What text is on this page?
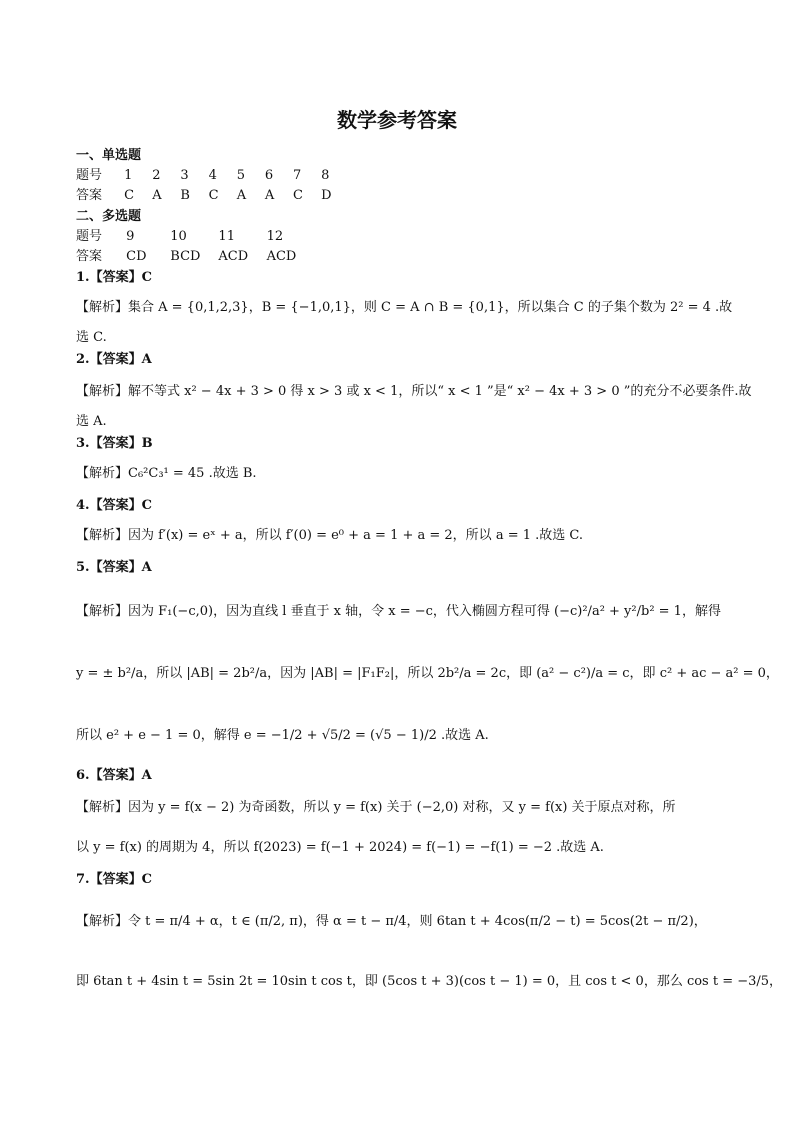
数学参考答案
一、单选题
题号 1 2 3 4 5 6 7 8
答案 C A B C A A C D
二、多选题
题号 9	10 11 12
答案 CD BCD ACD ACD
1.【答案】C
【解析】集合 A = {0,1,2,3}，B = {−1,0,1}，则 C = A ∩ B = {0,1}，所以集合 C 的子集个数为 2² = 4 .故
选 C.
2.【答案】A
【解析】解不等式 x² − 4x + 3 > 0 得 x > 3 或 x < 1，所以“ x < 1 ”是“ x² − 4x + 3 > 0 ”的充分不必要条件.故
选 A.
3.【答案】B
【解析】C₆²C₃¹ = 45 .故选 B.
4.【答案】C
【解析】因为 f′(x) = eˣ + a，所以 f′(0) = e⁰ + a = 1 + a = 2，所以 a = 1 .故选 C.
5.【答案】A
【解析】因为 F₁(−c,0)，因为直线 l 垂直于 x 轴，令 x = −c，代入椭圆方程可得 (−c)²/a² + y²/b² = 1，解得
y = ± b²/a，所以 |AB| = 2b²/a，因为 |AB| = |F₁F₂|，所以 2b²/a = 2c，即 (a² − c²)/a = c，即 c² + ac − a² = 0，
所以 e² + e − 1 = 0，解得 e = −1/2 + √5/2 = (√5 − 1)/2 .故选 A.
6.【答案】A
【解析】因为 y = f(x − 2) 为奇函数，所以 y = f(x) 关于 (−2,0) 对称，又 y = f(x) 关于原点对称，所
以 y = f(x) 的周期为 4，所以 f(2023) = f(−1 + 2024) = f(−1) = −f(1) = −2 .故选 A.
7.【答案】C
【解析】令 t = π/4 + α，t ∈ (π/2, π)，得 α = t − π/4，则 6tan t + 4cos(π/2 − t) = 5cos(2t − π/2)，
即 6tan t + 4sin t = 5sin 2t = 10sin t cos t，即 (5cos t + 3)(cos t − 1) = 0，且 cos t < 0，那么 cos t = −3/5，
